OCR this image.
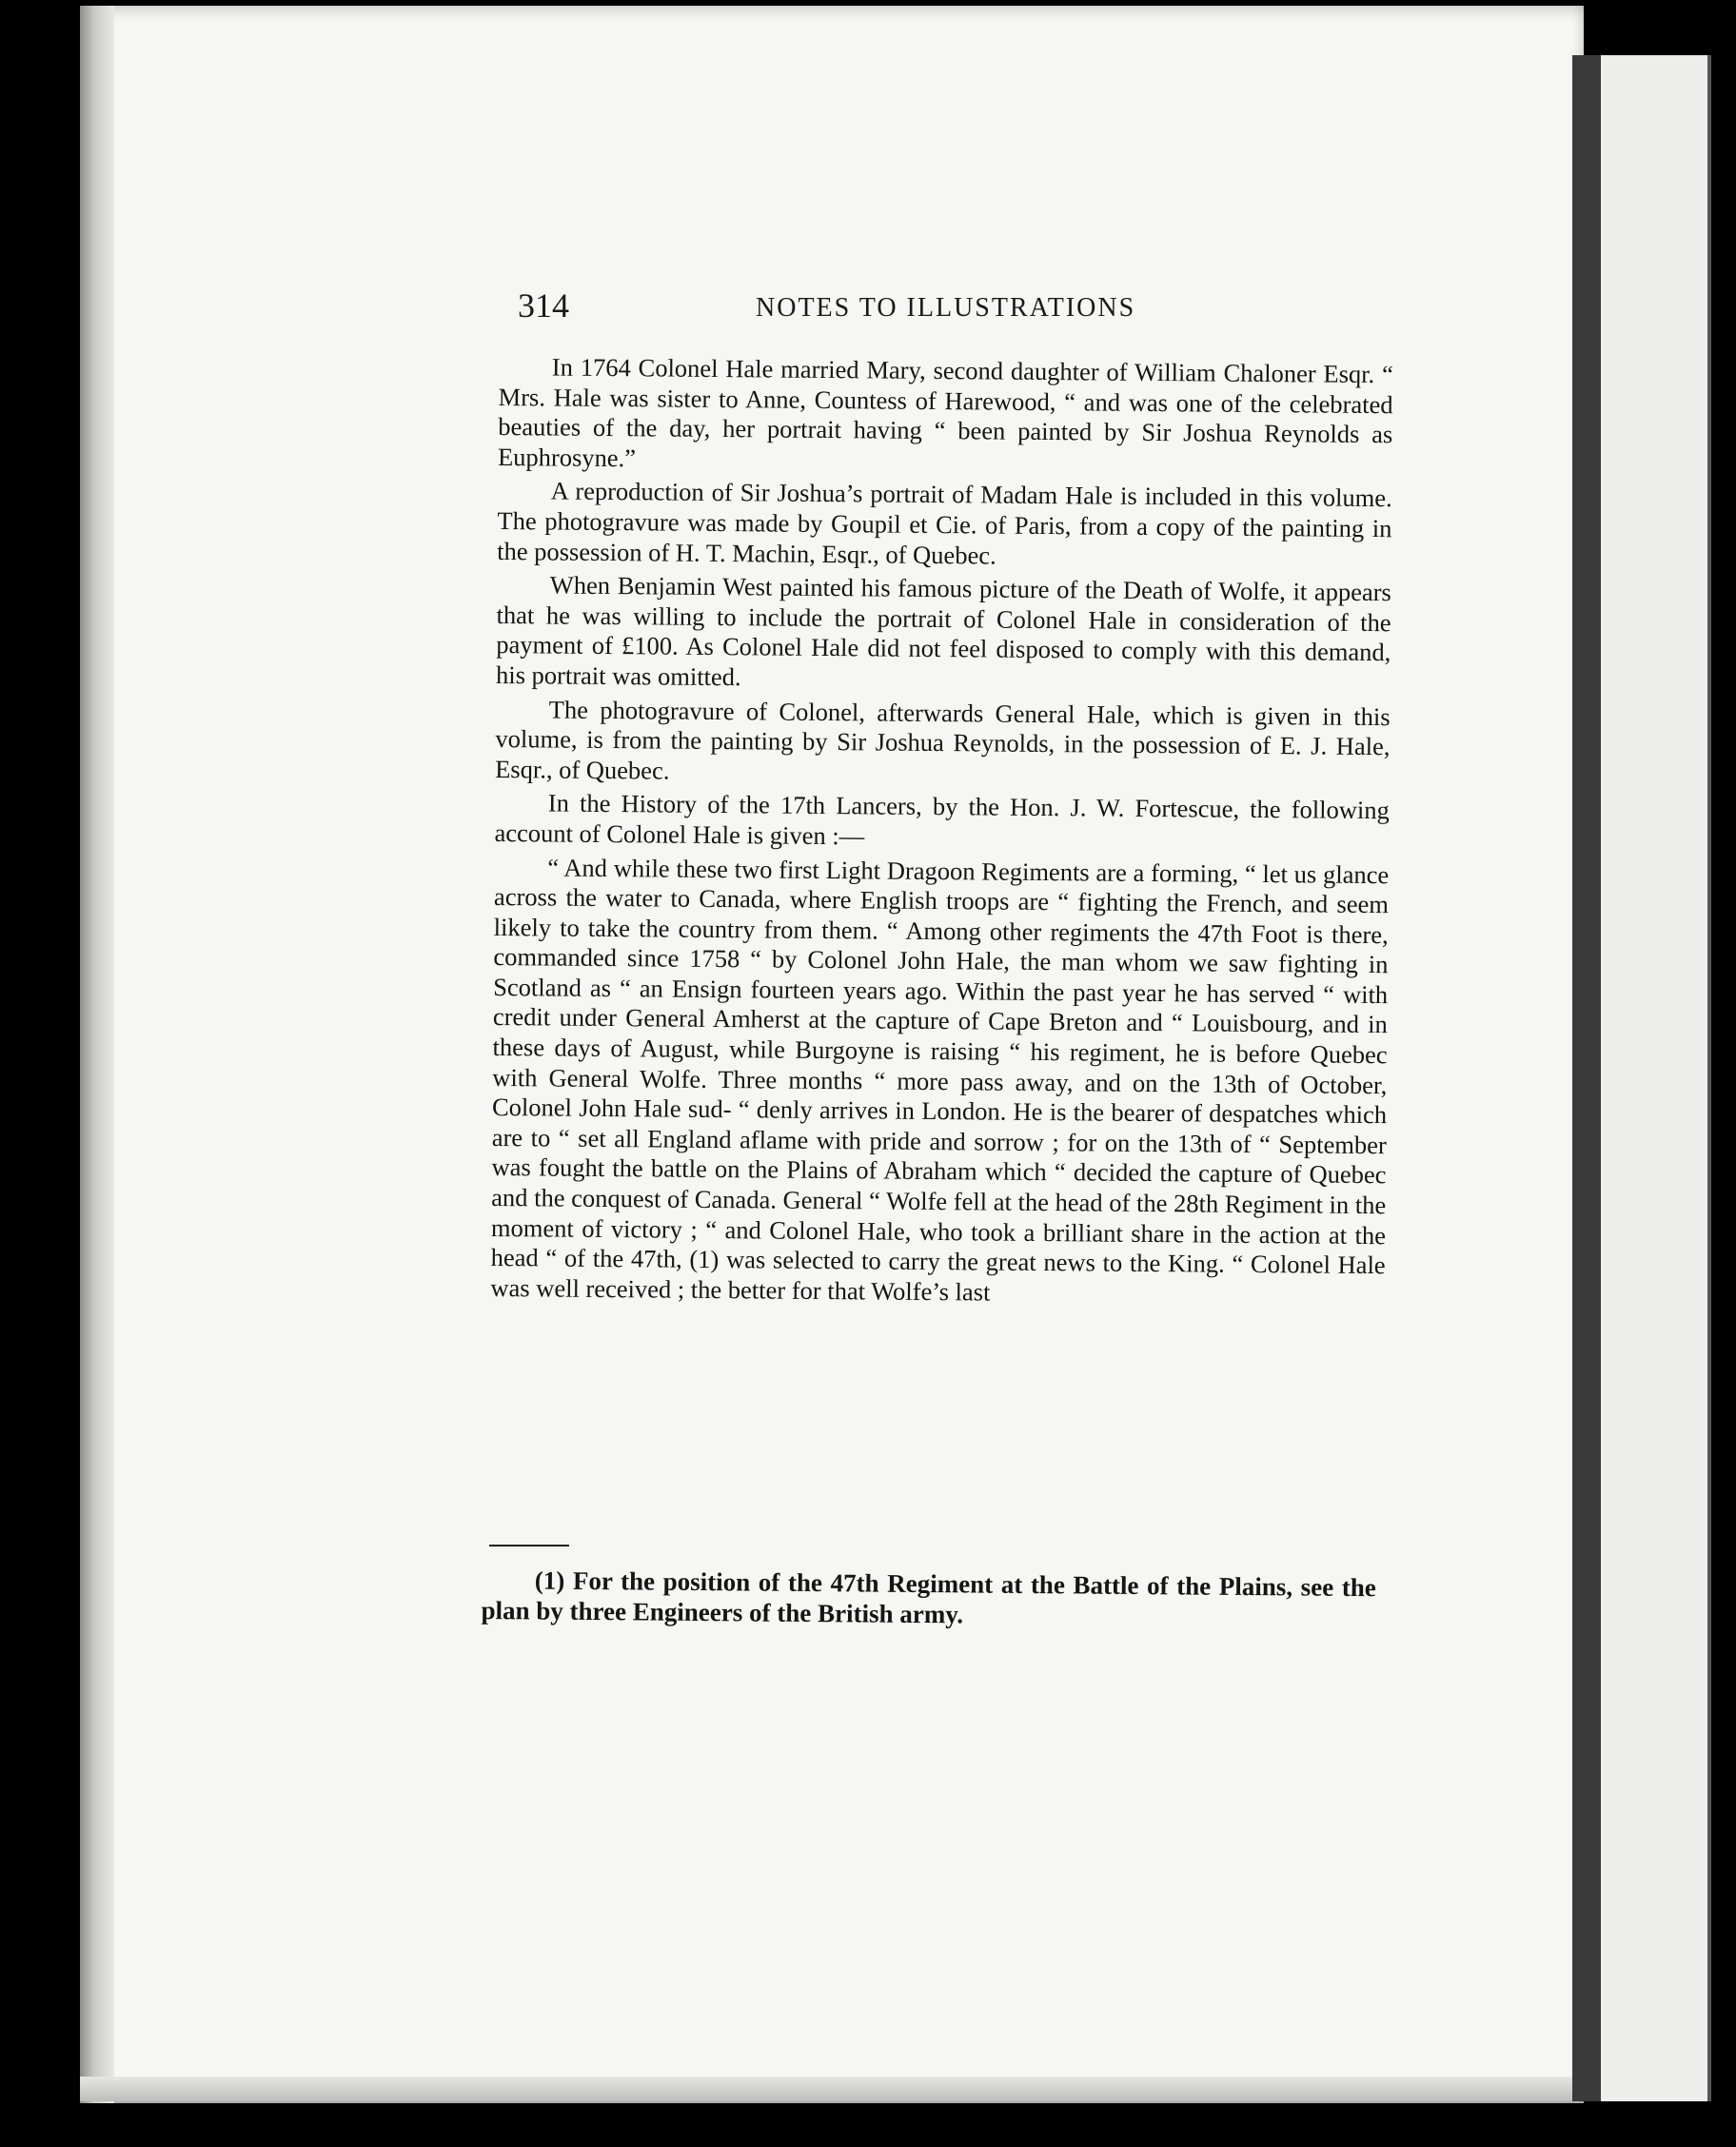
314	NOTES TO ILLUSTRATIONS

In 1764 Colonel Hale married Mary, second daughter of William Chaloner Esqr. “ Mrs. Hale was sister to Anne, Countess of Harewood, “ and was one of the celebrated beauties of the day, her portrait having “ been painted by Sir Joshua Reynolds as Euphrosyne.”

A reproduction of Sir Joshua’s portrait of Madam Hale is included in this volume. The photogravure was made by Goupil et Cie. of Paris, from a copy of the painting in the possession of H. T. Machin, Esqr., of Quebec.

When Benjamin West painted his famous picture of the Death of Wolfe, it appears that he was willing to include the portrait of Colonel Hale in consideration of the payment of £100. As Colonel Hale did not feel disposed to comply with this demand, his portrait was omitted.

The photogravure of Colonel, afterwards General Hale, which is given in this volume, is from the painting by Sir Joshua Reynolds, in the possession of E. J. Hale, Esqr., of Quebec.

In the History of the 17th Lancers, by the Hon. J. W. Fortescue, the following account of Colonel Hale is given :—

“ And while these two first Light Dragoon Regiments are a forming, “ let us glance across the water to Canada, where English troops are “ fighting the French, and seem likely to take the country from them. “ Among other regiments the 47th Foot is there, commanded since 1758 “ by Colonel John Hale, the man whom we saw fighting in Scotland as “ an Ensign fourteen years ago. Within the past year he has served “ with credit under General Amherst at the capture of Cape Breton and “ Louisbourg, and in these days of August, while Burgoyne is raising “ his regiment, he is before Quebec with General Wolfe. Three months “ more pass away, and on the 13th of October, Colonel John Hale sud- “ denly arrives in London. He is the bearer of despatches which are to “ set all England aflame with pride and sorrow ; for on the 13th of “ September was fought the battle on the Plains of Abraham which “ decided the capture of Quebec and the conquest of Canada. General “ Wolfe fell at the head of the 28th Regiment in the moment of victory ; “ and Colonel Hale, who took a brilliant share in the action at the head “ of the 47th, (1) was selected to carry the great news to the King. “ Colonel Hale was well received ; the better for that Wolfe’s last

(1) For the position of the 47th Regiment at the Battle of the Plains, see the plan by three Engineers of the British army.
